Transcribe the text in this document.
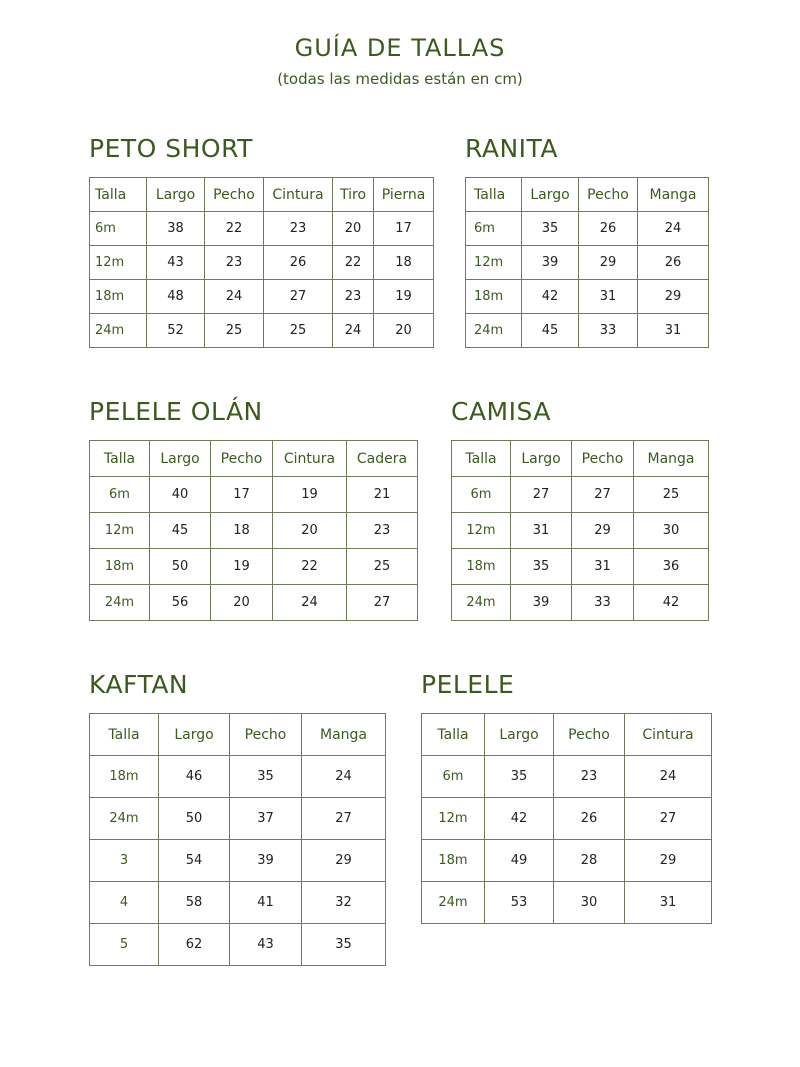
GUÍA DE TALLAS
(todas las medidas están en cm)
PETO SHORT
Talla	Largo	Pecho	Cintura	Tiro	Pierna
6m	38	22	23	20	17
12m	43	23	26	22	18
18m	48	24	27	23	19
24m	52	25	25	24	20
RANITA
Talla	Largo	Pecho	Manga
6m	35	26	24
12m	39	29	26
18m	42	31	29
24m	45	33	31
PELELE OLÁN
Talla	Largo	Pecho	Cintura	Cadera
6m	40	17	19	21
12m	45	18	20	23
18m	50	19	22	25
24m	56	20	24	27
CAMISA
Talla	Largo	Pecho	Manga
6m	27	27	25
12m	31	29	30
18m	35	31	36
24m	39	33	42
KAFTAN
Talla	Largo	Pecho	Manga
18m	46	35	24
24m	50	37	27
3	54	39	29
4	58	41	32
5	62	43	35
PELELE
Talla	Largo	Pecho	Cintura
6m	35	23	24
12m	42	26	27
18m	49	28	29
24m	53	30	31
